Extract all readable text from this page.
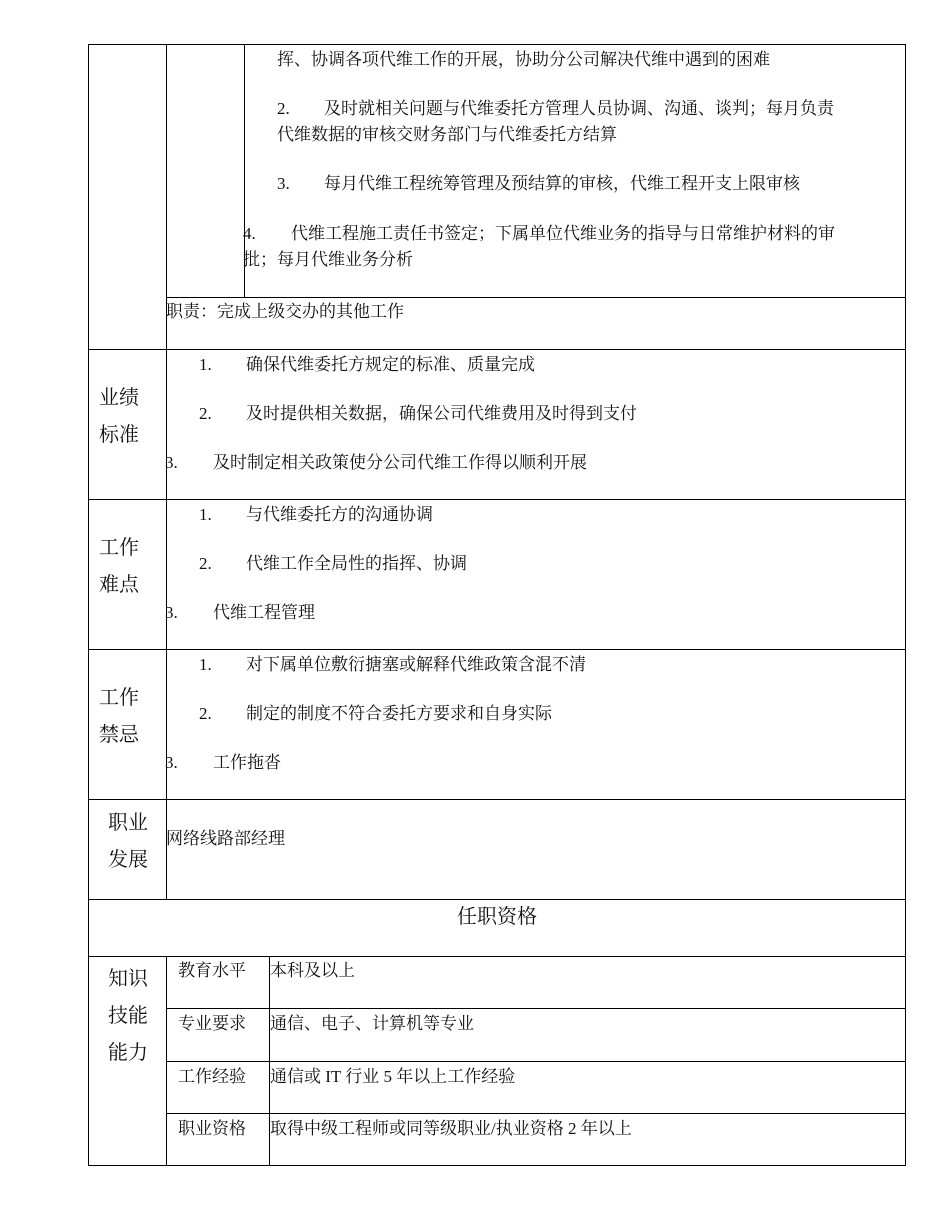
挥、协调各项代维工作的开展，协助分公司解决代维中遇到的困难
2. 及时就相关问题与代维委托方管理人员协调、沟通、谈判；每月负责
代维数据的审核交财务部门与代维委托方结算
3. 每月代维工程统筹管理及预结算的审核，代维工程开支上限审核
4. 代维工程施工责任书签定；下属单位代维业务的指导与日常维护材料的审
批；每月代维业务分析
职责：完成上级交办的其他工作
业绩
标准
1. 确保代维委托方规定的标准、质量完成
2. 及时提供相关数据，确保公司代维费用及时得到支付
3. 及时制定相关政策使分公司代维工作得以顺利开展
工作
难点
1. 与代维委托方的沟通协调
2. 代维工作全局性的指挥、协调
3. 代维工程管理
工作
禁忌
1. 对下属单位敷衍搪塞或解释代维政策含混不清
2. 制定的制度不符合委托方要求和自身实际
3. 工作拖沓
职业
发展
网络线路部经理
任职资格
知识
技能
能力
教育水平 本科及以上
专业要求 通信、电子、计算机等专业
工作经验 通信或 IT 行业 5 年以上工作经验
职业资格 取得中级工程师或同等级职业/执业资格 2 年以上
